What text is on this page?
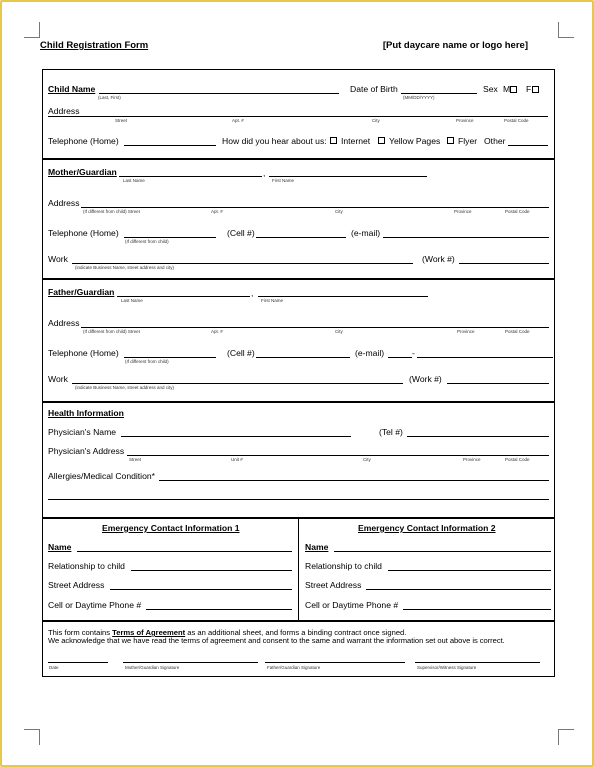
Child Registration Form	[Put daycare name or logo here]
Child Name
(Last, First)
Date of Birth
(MM/DD/YYYY)
Sex M F
Address
Street	Apt. #	City	Province	Postal Code
Telephone (Home)	How did you hear about us: Internet Yellow Pages Flyer Other
Mother/Guardian	,
Last Name	First Name
Address
(If different from child) Street	Apt. #	City	Province	Postal Code
Telephone (Home)
(If different from child)
(Cell #)	(e-mail)
Work
(indicate Business Name, street address and city)
(Work #)
Father/Guardian	,
Last Name	First Name
Address
(If different from child) Street	Apt. #	City	Province	Postal Code
Telephone (Home)
(If different from child)
(Cell #)	(e-mail)	-
Work
(indicate Business Name, street address and city)
(Work #)
Health Information
Physician's Name	(Tel #)
Physician's Address
Street	Unit #	City	Province	Postal Code
Allergies/Medical Condition*
Emergency Contact Information 1
Name
Relationship to child
Street Address
Cell or Daytime Phone #
Emergency Contact Information 2
Name
Relationship to child
Street Address
Cell or Daytime Phone #
This form contains Terms of Agreement as an additional sheet, and forms a binding contract once signed.
We acknowledge that we have read the terms of agreement and consent to the same and warrant the information set out above is correct.
Date	Mother/Guardian Signature	Father/Guardian Signature	Supervisor/Witness Signature
